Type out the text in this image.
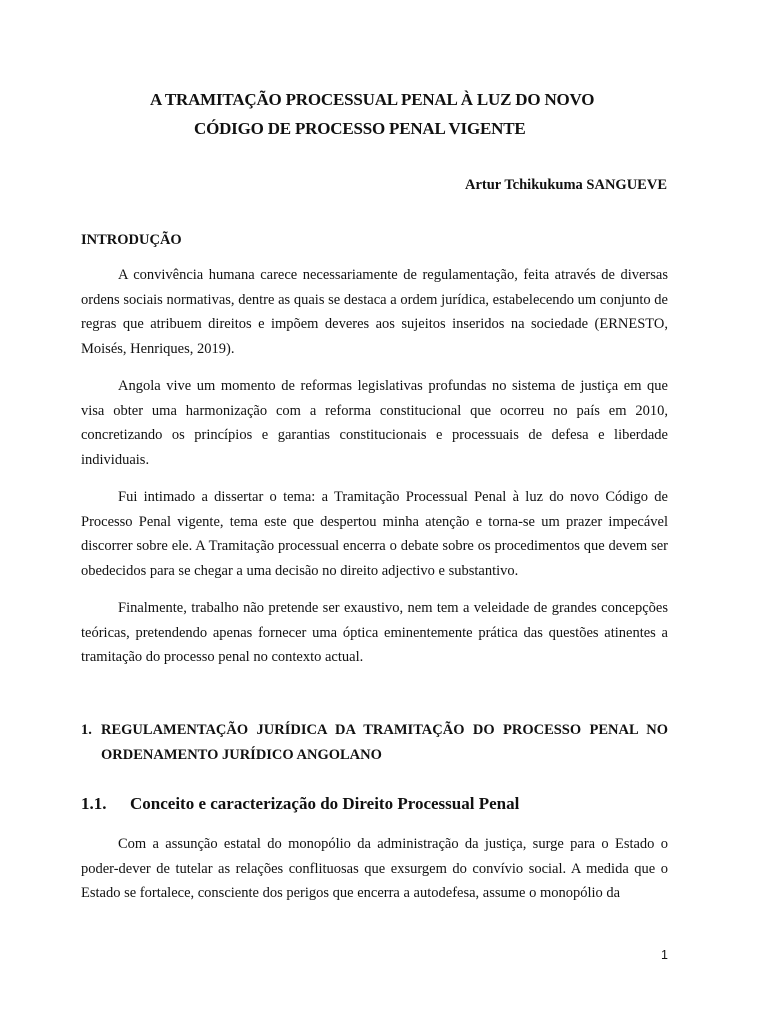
A TRAMITAÇÃO PROCESSUAL PENAL À LUZ DO NOVO
CÓDIGO DE PROCESSO PENAL VIGENTE
Artur Tchikukuma SANGUEVE
INTRODUÇÃO
A convivência humana carece necessariamente de regulamentação, feita através de diversas ordens sociais normativas, dentre as quais se destaca a ordem jurídica, estabelecendo um conjunto de regras que atribuem direitos e impõem deveres aos sujeitos inseridos na sociedade (ERNESTO, Moisés, Henriques, 2019).
Angola vive um momento de reformas legislativas profundas no sistema de justiça em que visa obter uma harmonização com a reforma constitucional que ocorreu no país em 2010, concretizando os princípios e garantias constitucionais e processuais de defesa e liberdade individuais.
Fui intimado a dissertar o tema: a Tramitação Processual Penal à luz do novo Código de Processo Penal vigente, tema este que despertou minha atenção e torna-se um prazer impecável discorrer sobre ele. A Tramitação processual encerra o debate sobre os procedimentos que devem ser obedecidos para se chegar a uma decisão no direito adjectivo e substantivo.
Finalmente, trabalho não pretende ser exaustivo, nem tem a veleidade de grandes concepções teóricas, pretendendo apenas fornecer uma óptica eminentemente prática das questões atinentes a tramitação do processo penal no contexto actual.
1. REGULAMENTAÇÃO JURÍDICA DA TRAMITAÇÃO DO PROCESSO PENAL NO ORDENAMENTO JURÍDICO ANGOLANO
1.1. Conceito e caracterização do Direito Processual Penal
Com a assunção estatal do monopólio da administração da justiça, surge para o Estado o poder-dever de tutelar as relações conflituosas que exsurgem do convívio social. A medida que o Estado se fortalece, consciente dos perigos que encerra a autodefesa, assume o monopólio da
1
